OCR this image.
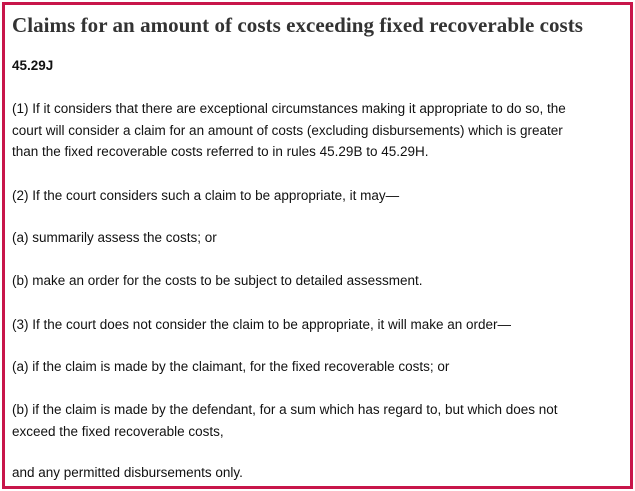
Claims for an amount of costs exceeding fixed recoverable costs
45.29J

(1) If it considers that there are exceptional circumstances making it appropriate to do so, the
court will consider a claim for an amount of costs (excluding disbursements) which is greater
than the fixed recoverable costs referred to in rules 45.29B to 45.29H.

(2) If the court considers such a claim to be appropriate, it may—

(a) summarily assess the costs; or

(b) make an order for the costs to be subject to detailed assessment.

(3) If the court does not consider the claim to be appropriate, it will make an order—

(a) if the claim is made by the claimant, for the fixed recoverable costs; or

(b) if the claim is made by the defendant, for a sum which has regard to, but which does not
exceed the fixed recoverable costs,

and any permitted disbursements only.
